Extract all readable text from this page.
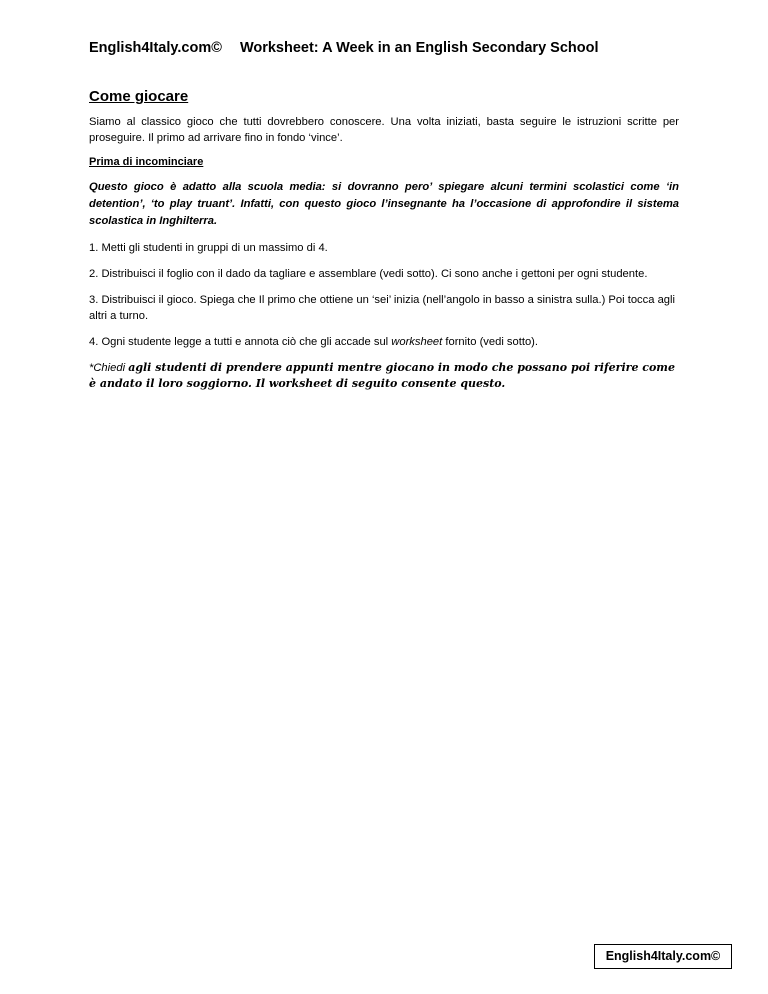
English4Italy.com© Worksheet: A Week in an English Secondary School
Come giocare

Siamo al classico gioco che tutti dovrebbero conoscere. Una volta iniziati, basta seguire le istruzioni scritte per proseguire. Il primo ad arrivare fino in fondo ‘vince’.

Prima di incominciare

Questo gioco è adatto alla scuola media: si dovranno pero’ spiegare alcuni termini scolastici come ‘in detention’, ‘to play truant’. Infatti, con questo gioco l’insegnante ha l’occasione di approfondire il sistema scolastica in Inghilterra.

1. Metti gli studenti in gruppi di un massimo di 4.

2. Distribuisci il foglio con il dado da tagliare e assemblare (vedi sotto). Ci sono anche i gettoni per ogni studente.

3. Distribuisci il gioco. Spiega che Il primo che ottiene un ‘sei’ inizia (nell’angolo in basso a sinistra sulla.) Poi tocca agli altri a turno.

4. Ogni studente legge a tutti e annota ciò che gli accade sul worksheet fornito (vedi sotto).

*Chiedi agli studenti di prendere appunti mentre giocano in modo che possano poi riferire come è andato il loro soggiorno. Il worksheet di seguito consente questo.

English4Italy.com©
